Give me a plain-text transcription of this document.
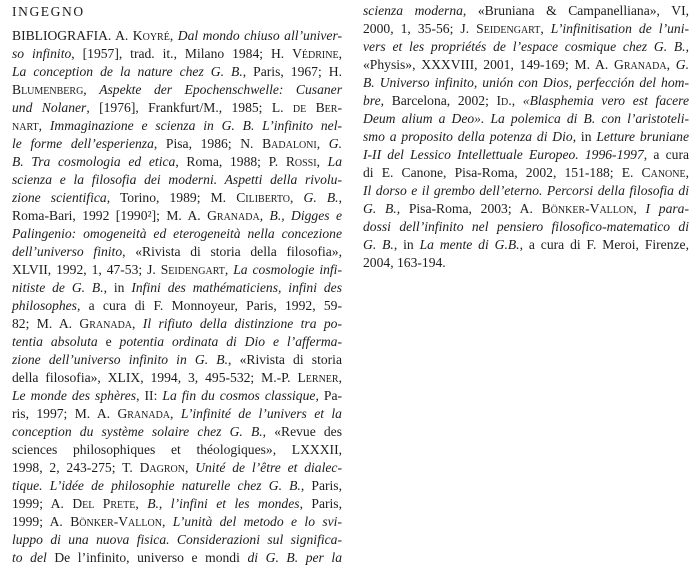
INGEGNO
BIBLIOGRAFIA. A. Koyré, Dal mondo chiuso all’univer-
so infinito, [1957], trad. it., Milano 1984; H. Védrine,
La conception de la nature chez G. B., Paris, 1967; H.
Blumenberg, Aspekte der Epochenschwelle: Cusaner
und Nolaner, [1976], Frankfurt/M., 1985; L. de Ber-
nart, Immaginazione e scienza in G. B. L’infinito nel-
le forme dell’esperienza, Pisa, 1986; N. Badaloni, G.
B. Tra cosmologia ed etica, Roma, 1988; P. Rossi, La
scienza e la filosofia dei moderni. Aspetti della rivolu-
zione scientifica, Torino, 1989; M. Ciliberto, G. B.,
Roma-Bari, 1992 [1990²]; M. A. Granada, B., Digges e
Palingenio: omogeneità ed eterogeneità nella concezione
dell’universo finito, «Rivista di storia della filosofia»,
XLVII, 1992, 1, 47-53; J. Seidengart, La cosmologie infi-
nitiste de G. B., in Infini des mathématiciens, infini des
philosophes, a cura di F. Monnoyeur, Paris, 1992, 59-
82; M. A. Granada, Il rifiuto della distinzione tra po-
tentia absoluta e potentia ordinata di Dio e l’afferma-
zione dell’universo infinito in G. B., «Rivista di storia
della filosofia», XLIX, 1994, 3, 495-532; M.-P. Lerner,
Le monde des sphères, II: La fin du cosmos classique, Pa-
ris, 1997; M. A. Granada, L’infinité de l’univers et la
conception du système solaire chez G. B., «Revue des
sciences philosophiques et théologiques», LXXXII,
1998, 2, 243-275; T. Dagron, Unité de l’être et dialec-
tique. L’idée de philosophie naturelle chez G. B., Paris,
1999; A. Del Prete, B., l’infini et les mondes, Paris,
1999; A. Bönker-Vallon, L’unità del metodo e lo svi-
luppo di una nuova fisica. Considerazioni sul significa-
to del De l’infinito, universo e mondi di G. B. per la
scienza moderna, «Bruniana & Campanelliana», VI,
2000, 1, 35-56; J. Seidengart, L’infinitisation de l’uni-
vers et les propriétés de l’espace cosmique chez G. B.,
«Physis», XXXVIII, 2001, 149-169; M. A. Granada, G.
B. Universo infinito, unión con Dios, perfección del hom-
bre, Barcelona, 2002; Id., «Blasphemia vero est facere
Deum alium a Deo». La polemica di B. con l’aristoteli-
smo a proposito della potenza di Dio, in Letture bruniane
I-II del Lessico Intellettuale Europeo. 1996-1997, a cura
di E. Canone, Pisa-Roma, 2002, 151-188; E. Canone,
Il dorso e il grembo dell’eterno. Percorsi della filosofia di
G. B., Pisa-Roma, 2003; A. Bönker-Vallon, I para-
dossi dell’infinito nel pensiero filosofico-matematico di
G. B., in La mente di G.B., a cura di F. Meroi, Firenze,
2004, 163-194.
